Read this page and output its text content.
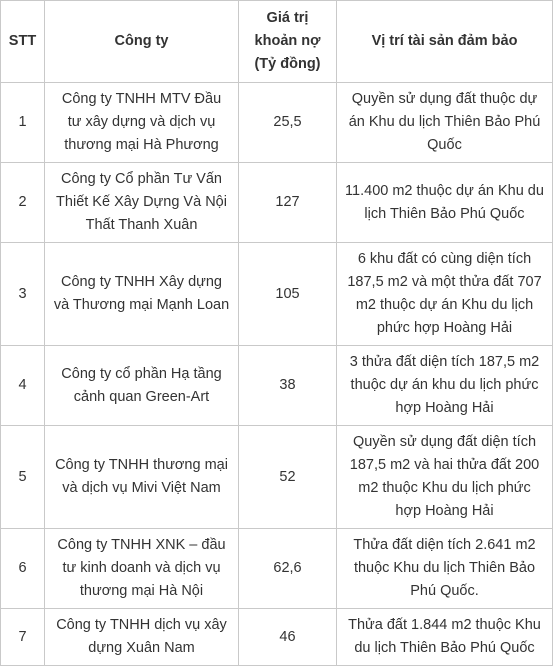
STT	Công ty	Giá trị khoản nợ (Tỷ đồng)	Vị trí tài sản đảm bảo
1	Công ty TNHH MTV Đầu tư xây dựng và dịch vụ thương mại Hà Phương	25,5	Quyền sử dụng đất thuộc dự án Khu du lịch Thiên Bảo Phú Quốc
2	Công ty Cổ phần Tư Vấn Thiết Kế Xây Dựng Và Nội Thất Thanh Xuân	127	11.400 m2 thuộc dự án Khu du lịch Thiên Bảo Phú Quốc
3	Công ty TNHH Xây dựng và Thương mại Mạnh Loan	105	6 khu đất có cùng diện tích 187,5 m2 và một thửa đất 707 m2 thuộc dự án Khu du lịch phức hợp Hoàng Hải
4	Công ty cổ phần Hạ tầng cảnh quan Green-Art	38	3 thửa đất diện tích 187,5 m2 thuộc dự án khu du lịch phức hợp Hoàng Hải
5	Công ty TNHH thương mại và dịch vụ Mivi Việt Nam	52	Quyền sử dụng đất diện tích 187,5 m2 và hai thửa đất 200 m2 thuộc Khu du lịch phức hợp Hoàng Hải
6	Công ty TNHH XNK – đầu tư kinh doanh và dịch vụ thương mại Hà Nội	62,6	Thửa đất diện tích 2.641 m2 thuộc Khu du lịch Thiên Bảo Phú Quốc.
7	Công ty TNHH dịch vụ xây dựng Xuân Nam	46	Thửa đất 1.844 m2 thuộc Khu du lịch Thiên Bảo Phú Quốc
